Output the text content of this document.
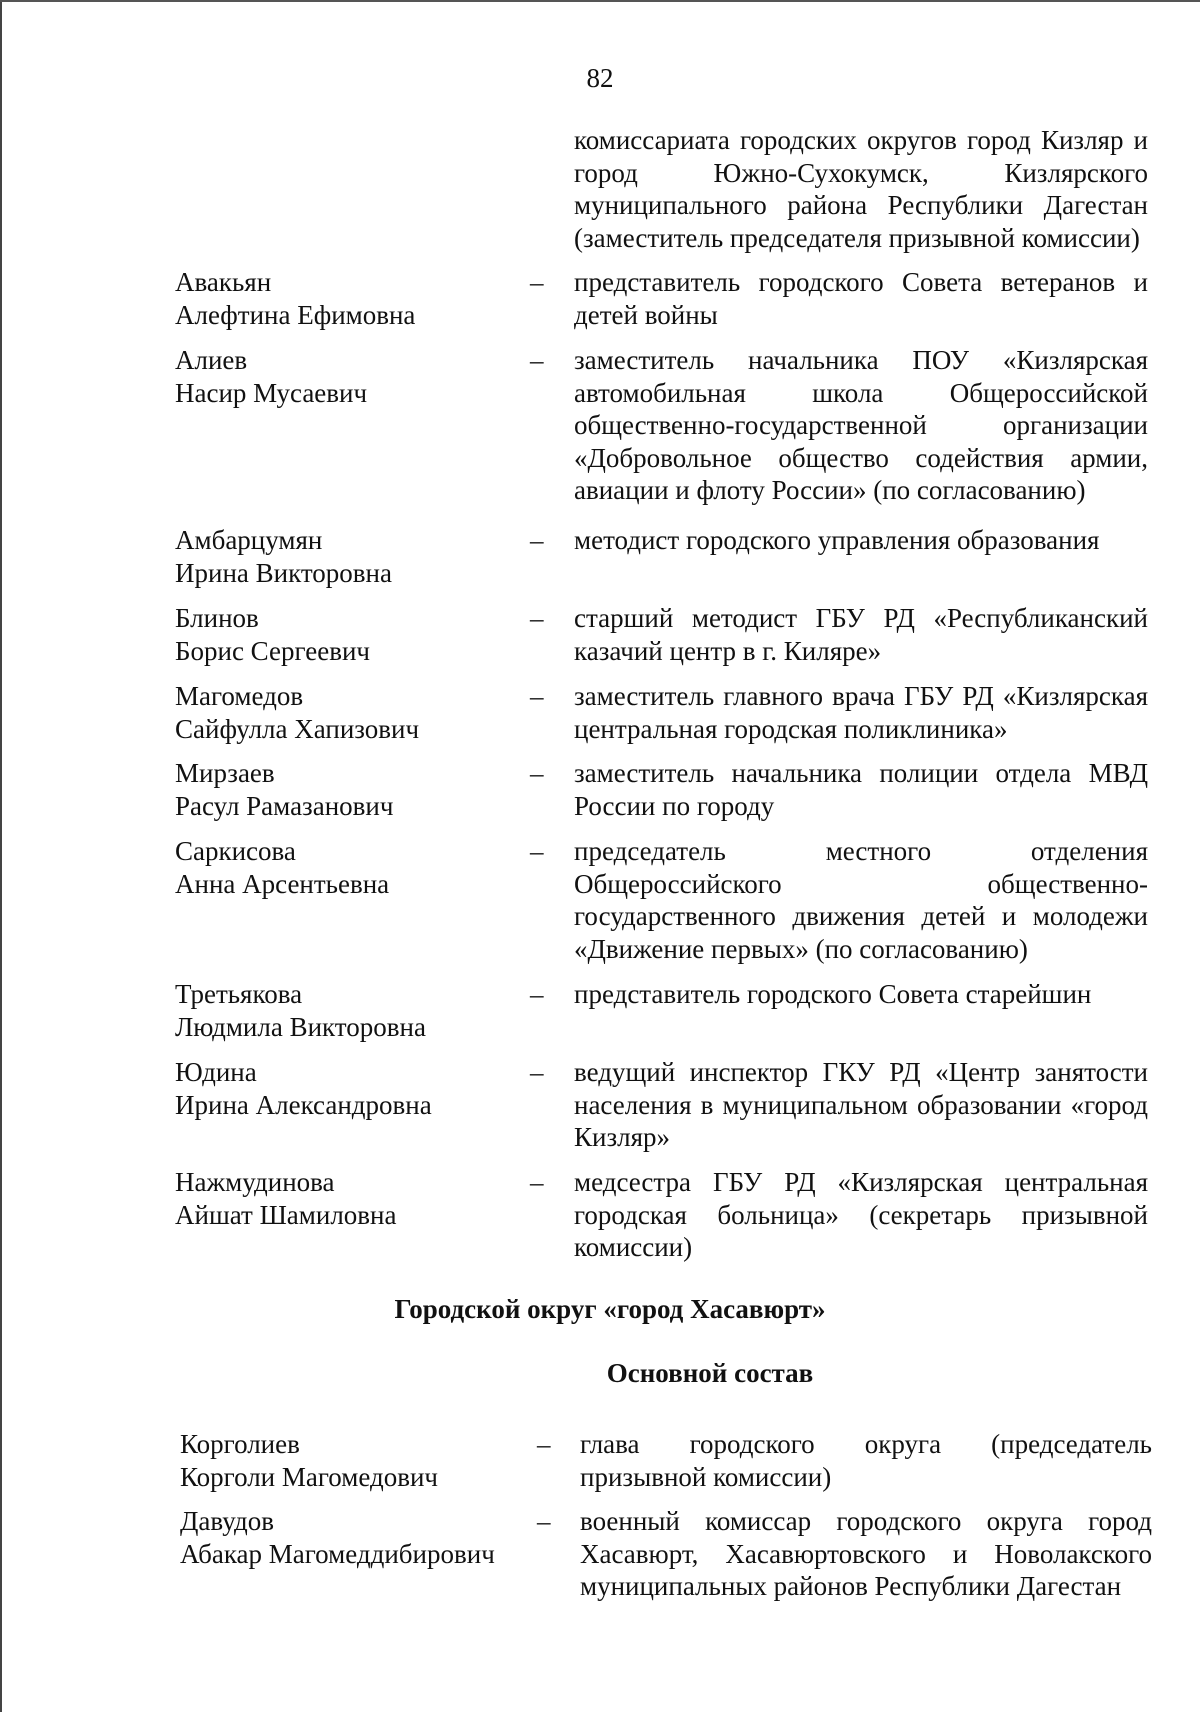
82
комиссариата городских округов город Кизляр и город Южно-Сухокумск, Кизлярского муниципального района Республики Дагестан (заместитель председателя призывной комиссии)
Авакьян
Алефтина Ефимовна
–	представитель городского Совета ветеранов и детей войны
Алиев
Насир Мусаевич
–	заместитель начальника ПОУ «Кизлярская автомобильная школа Общероссийской общественно-государственной организации «Добровольное общество содействия армии, авиации и флоту России» (по согласованию)
Амбарцумян
Ирина Викторовна
–	методист городского управления образования
Блинов
Борис Сергеевич
–	старший методист ГБУ РД «Республиканский казачий центр в г. Киляре»
Магомедов
Сайфулла Хапизович
–	заместитель главного врача ГБУ РД «Кизлярская центральная городская поликлиника»
Мирзаев
Расул Рамазанович
–	заместитель начальника полиции отдела МВД России по городу
Саркисова
Анна Арсентьевна
–	председатель местного отделения Общероссийского общественно-государственного движения детей и молодежи «Движение первых» (по согласованию)
Третьякова
Людмила Викторовна
–	представитель городского Совета старейшин
Юдина
Ирина Александровна
–	ведущий инспектор ГКУ РД «Центр занятости населения в муниципальном образовании «город Кизляр»
Нажмудинова
Айшат Шамиловна
–	медсестра ГБУ РД «Кизлярская центральная городская больница» (секретарь призывной комиссии)
Городской округ «город Хасавюрт»
Основной состав
Корголиев
Корголи Магомедович
–	глава городского округа (председатель призывной комиссии)
Давудов
Абакар Магомеддибирович
–	военный комиссар городского округа город Хасавюрт, Хасавюртовского и Новолакского муниципальных районов Республики Дагестан
